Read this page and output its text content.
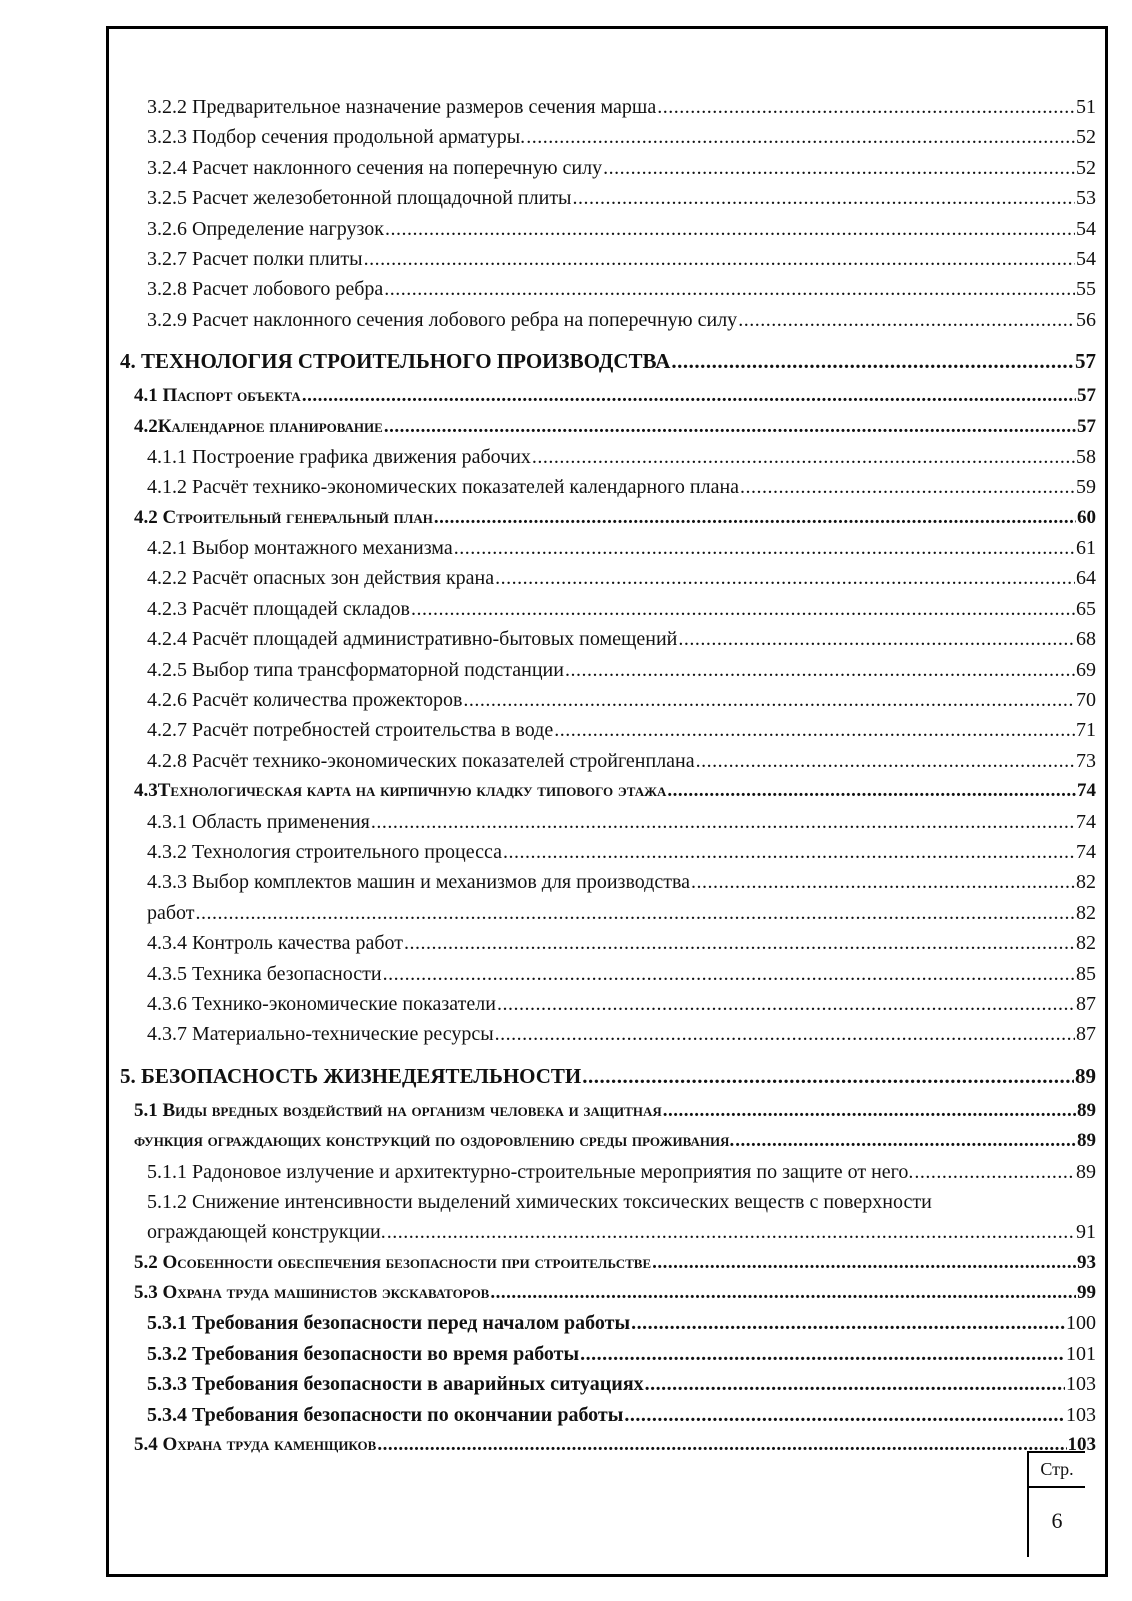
3.2.2 Предварительное назначение размеров сечения марша .....	51
3.2.3 Подбор сечения продольной арматуры. .....	52
3.2.4 Расчет наклонного сечения на поперечную силу .....	52
3.2.5 Расчет железобетонной площадочной плиты .....	53
3.2.6 Определение нагрузок .....	54
3.2.7 Расчет полки плиты .....	54
3.2.8 Расчет лобового ребра .....	55
3.2.9 Расчет наклонного сечения лобового ребра на поперечную силу .....	56
4. ТЕХНОЛОГИЯ СТРОИТЕЛЬНОГО ПРОИЗВОДСТВА .....	57
4.1 Паспорт объекта .....	57
4.2Календарное планирование .....	57
4.1.1 Построение графика движения рабочих .....	58
4.1.2 Расчёт технико-экономических показателей календарного плана .....	59
4.2 Строительный генеральный план .....	60
4.2.1 Выбор монтажного механизма .....	61
4.2.2 Расчёт опасных зон действия крана .....	64
4.2.3 Расчёт площадей складов .....	65
4.2.4 Расчёт площадей административно-бытовых помещений .....	68
4.2.5 Выбор типа трансформаторной подстанции .....	69
4.2.6 Расчёт количества прожекторов .....	70
4.2.7 Расчёт потребностей строительства в воде .....	71
4.2.8 Расчёт технико-экономических показателей стройгенплана .....	73
4.3Технологическая карта на кирпичную кладку типового этажа .....	74
4.3.1 Область применения .....	74
4.3.2 Технология строительного процесса .....	74
4.3.3 Выбор комплектов машин и механизмов для производства .....	82
работ .....	82
4.3.4 Контроль качества работ .....	82
4.3.5 Техника безопасности .....	85
4.3.6 Технико-экономические показатели .....	87
4.3.7 Материально-технические ресурсы .....	87
5. БЕЗОПАСНОСТЬ ЖИЗНЕДЕЯТЕЛЬНОСТИ .....	89
5.1 Виды вредных воздействий на организм человека и защитная .....	89
функция ограждающих конструкций по оздоровлению среды проживания. .....	89
5.1.1 Радоновое излучение и архитектурно-строительные мероприятия по защите от него. .....	89
5.1.2 Снижение интенсивности выделений химических токсических веществ с поверхности
ограждающей конструкции. .....	91
5.2 Особенности обеспечения безопасности при строительстве .....	93
5.3 Охрана труда машинистов экскаваторов .....	99
5.3.1 Требования безопасности перед началом работы .....	100
5.3.2 Требования безопасности во время работы .....	101
5.3.3 Требования безопасности в аварийных ситуациях .....	103
5.3.4 Требования безопасности по окончании работы .....	103
5.4 Охрана труда каменщиков .....	103
Стр.
6
